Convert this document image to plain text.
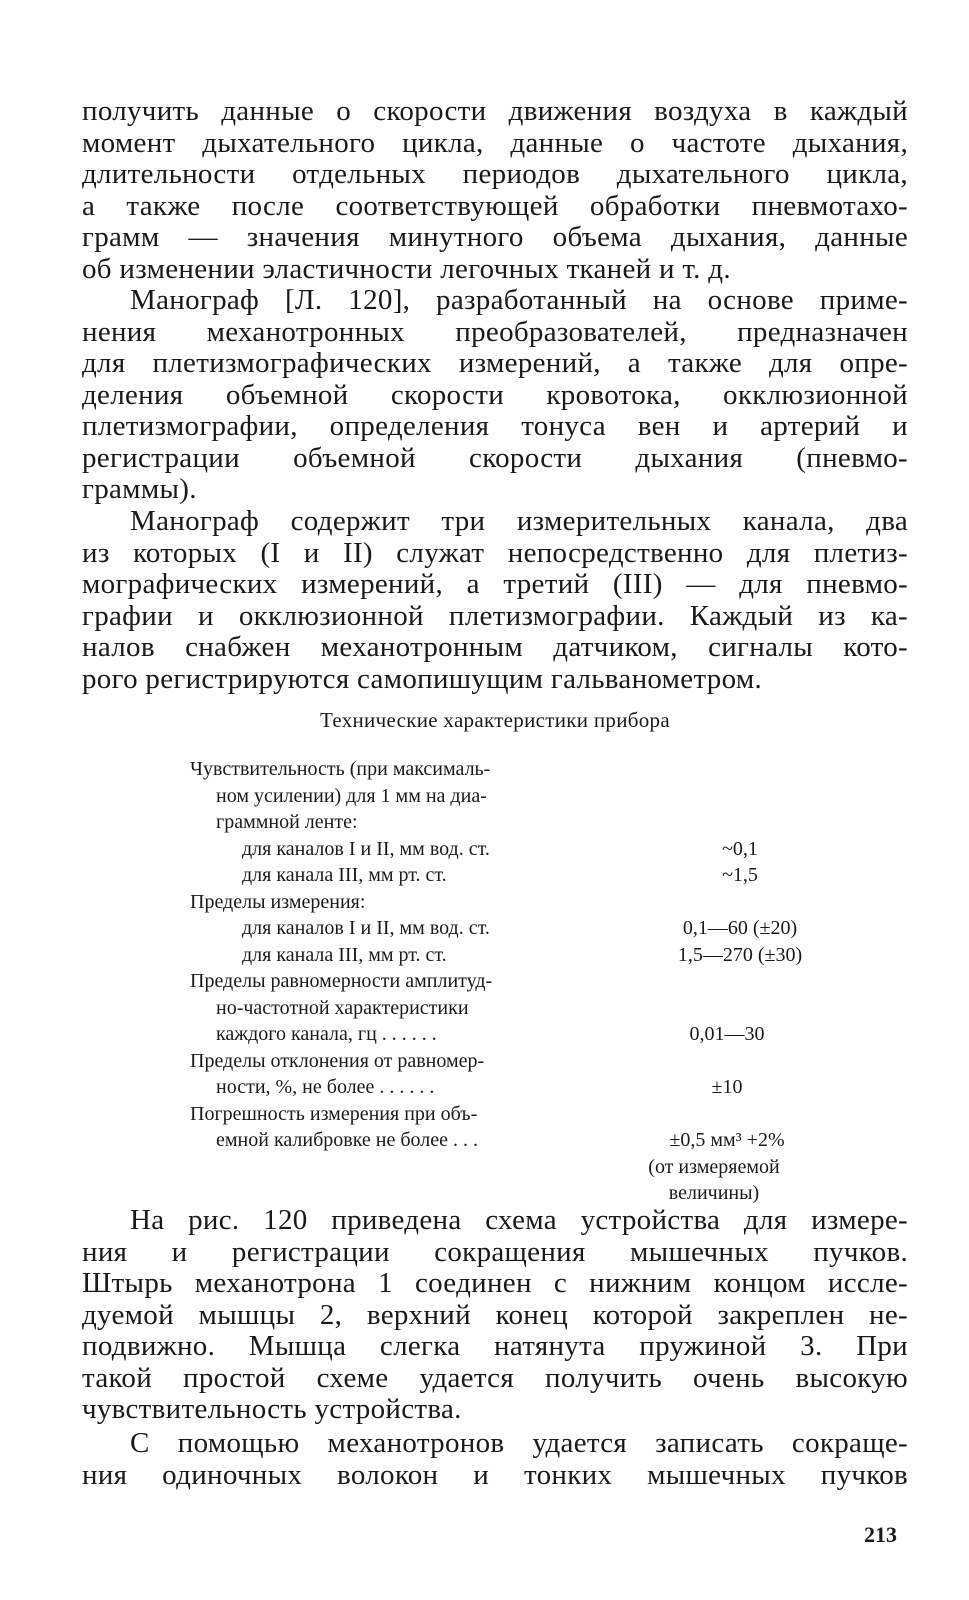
получить данные о скорости движения воздуха в каждый
момент дыхательного цикла, данные о частоте дыхания,
длительности отдельных периодов дыхательного цикла,
а также после соответствующей обработки пневмотахо-
грамм — значения минутного объема дыхания, данные
об изменении эластичности легочных тканей и т. д.
Манограф [Л. 120], разработанный на основе приме-
нения механотронных преобразователей, предназначен
для плетизмографических измерений, а также для опре-
деления объемной скорости кровотока, окклюзионной
плетизмографии, определения тонуса вен и артерий и
регистрации объемной скорости дыхания (пневмо-
граммы).
Манограф содержит три измерительных канала, два
из которых (I и II) служат непосредственно для плетиз-
мографических измерений, а третий (III) — для пневмо-
графии и окклюзионной плетизмографии. Каждый из ка-
налов снабжен механотронным датчиком, сигналы кото-
рого регистрируются самопишущим гальванометром.
Технические характеристики прибора
Чувствительность (при максималь-
ном усилении) для 1 мм на диа-
граммной ленте:
для каналов I и II, мм вод. ст.	~0,1
для канала III, мм рт. ст.	~1,5
Пределы измерения:
для каналов I и II, мм вод. ст.	0,1—60 (±20)
для канала III, мм рт. ст.	1,5—270 (±30)
Пределы равномерности амплитуд-
но-частотной характеристики
каждого канала, гц . . . . . .	0,01—30
Пределы отклонения от равномер-
ности, %, не более . . . . . .	±10
Погрешность измерения при объ-
емной калибровке не более . . .	±0,5 мм³ +2%
(от измеряемой
величины)
На рис. 120 приведена схема устройства для измере-
ния и регистрации сокращения мышечных пучков.
Штырь механотрона 1 соединен с нижним концом иссле-
дуемой мышцы 2, верхний конец которой закреплен не-
подвижно. Мышца слегка натянута пружиной 3. При
такой простой схеме удается получить очень высокую
чувствительность устройства.
С помощью механотронов удается записать сокраще-
ния одиночных волокон и тонких мышечных пучков
213
